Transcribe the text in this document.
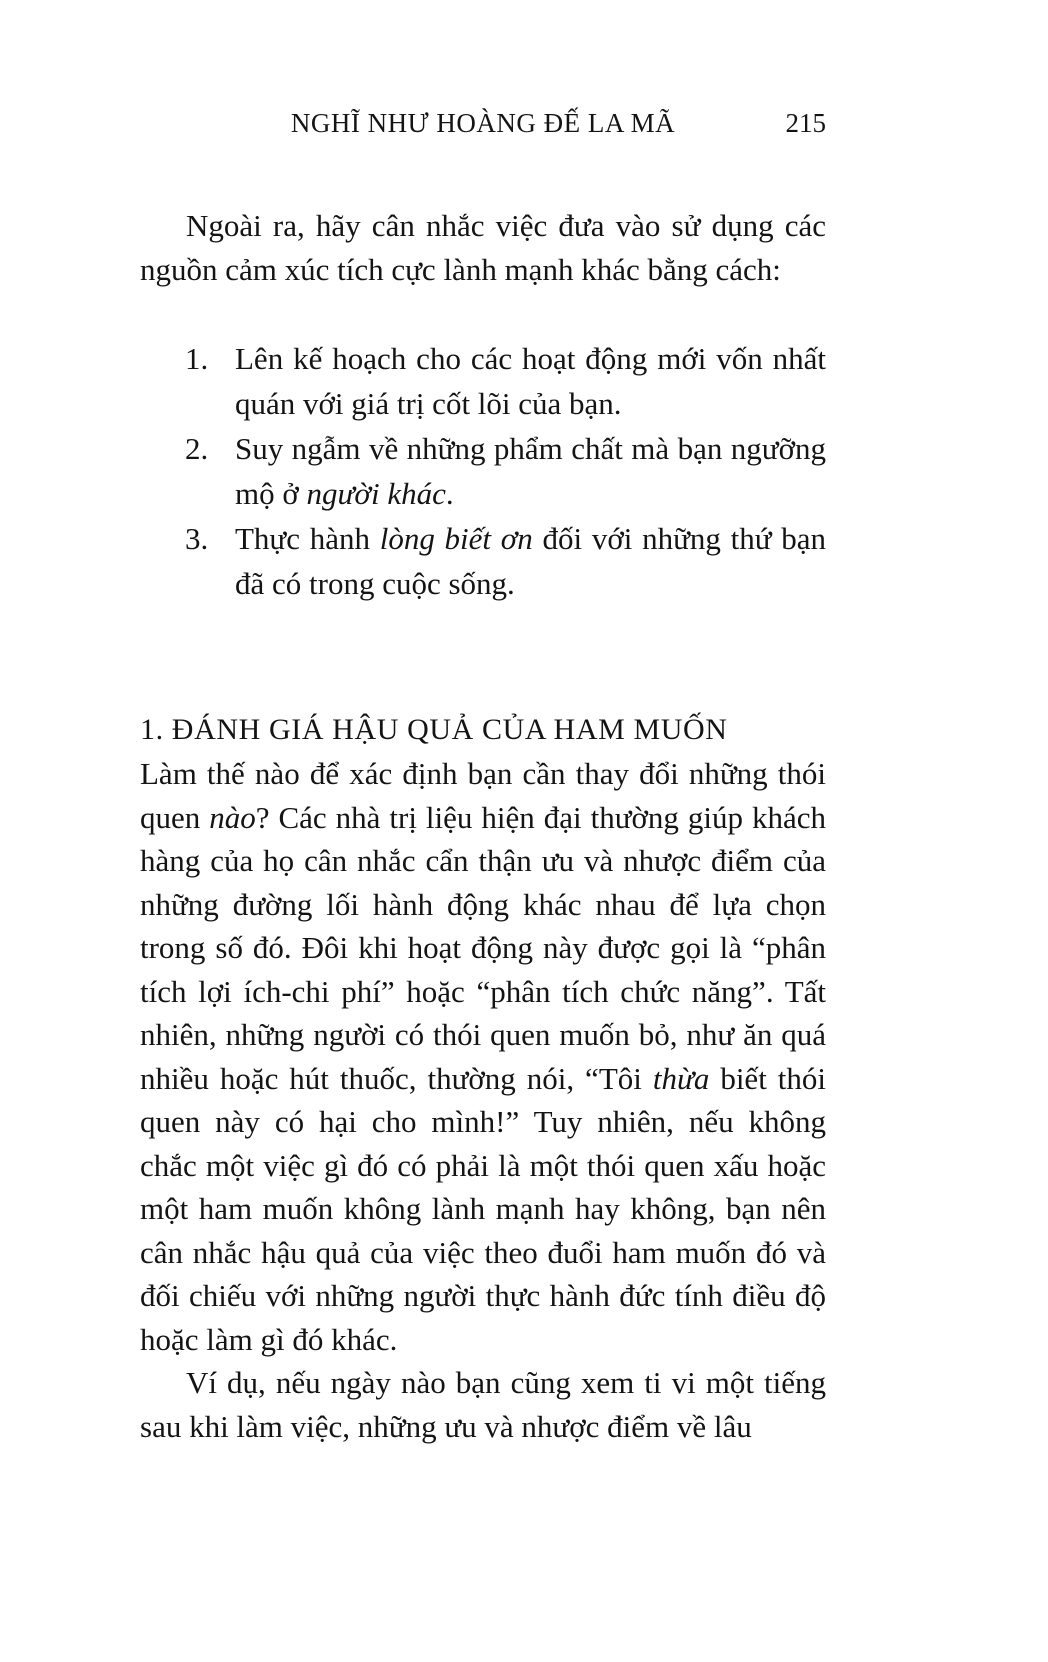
NGHĨ NHƯ HOÀNG ĐẾ LA MÃ	215

Ngoài ra, hãy cân nhắc việc đưa vào sử dụng các nguồn cảm xúc tích cực lành mạnh khác bằng cách:

1. Lên kế hoạch cho các hoạt động mới vốn nhất quán với giá trị cốt lõi của bạn.
2. Suy ngẫm về những phẩm chất mà bạn ngưỡng mộ ở người khác.
3. Thực hành lòng biết ơn đối với những thứ bạn đã có trong cuộc sống.
1. ĐÁNH GIÁ HẬU QUẢ CỦA HAM MUỐN

Làm thế nào để xác định bạn cần thay đổi những thói quen nào? Các nhà trị liệu hiện đại thường giúp khách hàng của họ cân nhắc cẩn thận ưu và nhược điểm của những đường lối hành động khác nhau để lựa chọn trong số đó. Đôi khi hoạt động này được gọi là “phân tích lợi ích-chi phí” hoặc “phân tích chức năng”. Tất nhiên, những người có thói quen muốn bỏ, như ăn quá nhiều hoặc hút thuốc, thường nói, “Tôi thừa biết thói quen này có hại cho mình!” Tuy nhiên, nếu không chắc một việc gì đó có phải là một thói quen xấu hoặc một ham muốn không lành mạnh hay không, bạn nên cân nhắc hậu quả của việc theo đuổi ham muốn đó và đối chiếu với những người thực hành đức tính điều độ hoặc làm gì đó khác.

Ví dụ, nếu ngày nào bạn cũng xem ti vi một tiếng sau khi làm việc, những ưu và nhược điểm về lâu
